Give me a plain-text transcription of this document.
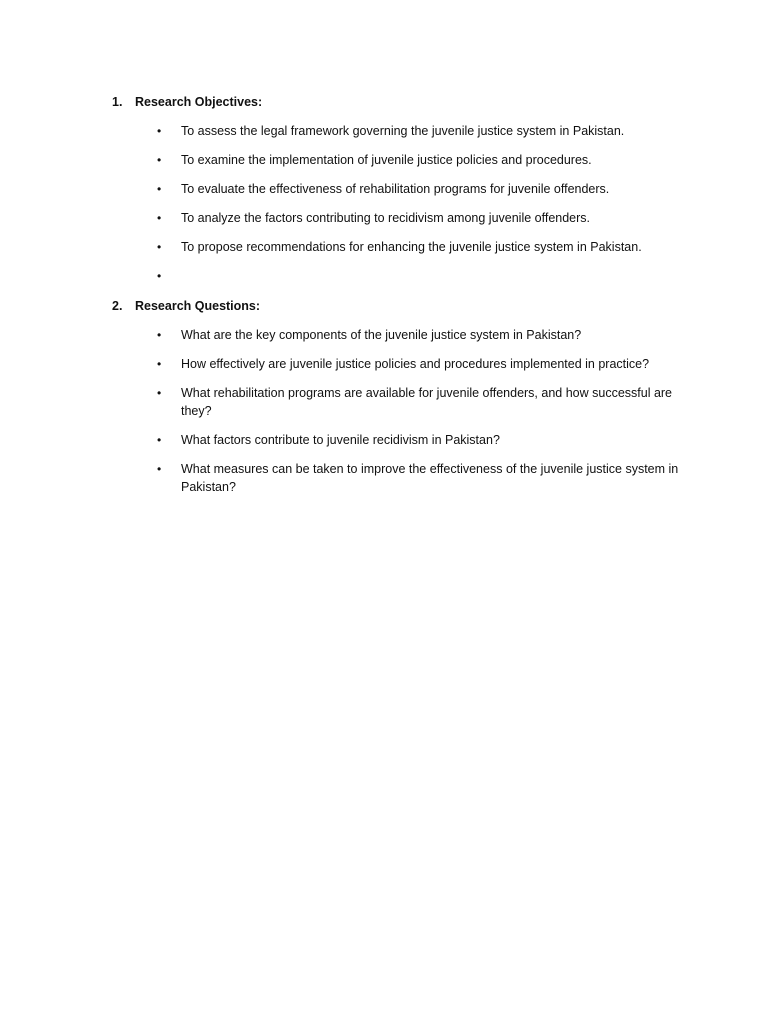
1.	Research Objectives:
• To assess the legal framework governing the juvenile justice system in Pakistan.
• To examine the implementation of juvenile justice policies and procedures.
• To evaluate the effectiveness of rehabilitation programs for juvenile offenders.
• To analyze the factors contributing to recidivism among juvenile offenders.
• To propose recommendations for enhancing the juvenile justice system in Pakistan.
•
2.	Research Questions:
• What are the key components of the juvenile justice system in Pakistan?
• How effectively are juvenile justice policies and procedures implemented in practice?
• What rehabilitation programs are available for juvenile offenders, and how successful are they?
• What factors contribute to juvenile recidivism in Pakistan?
• What measures can be taken to improve the effectiveness of the juvenile justice system in Pakistan?
